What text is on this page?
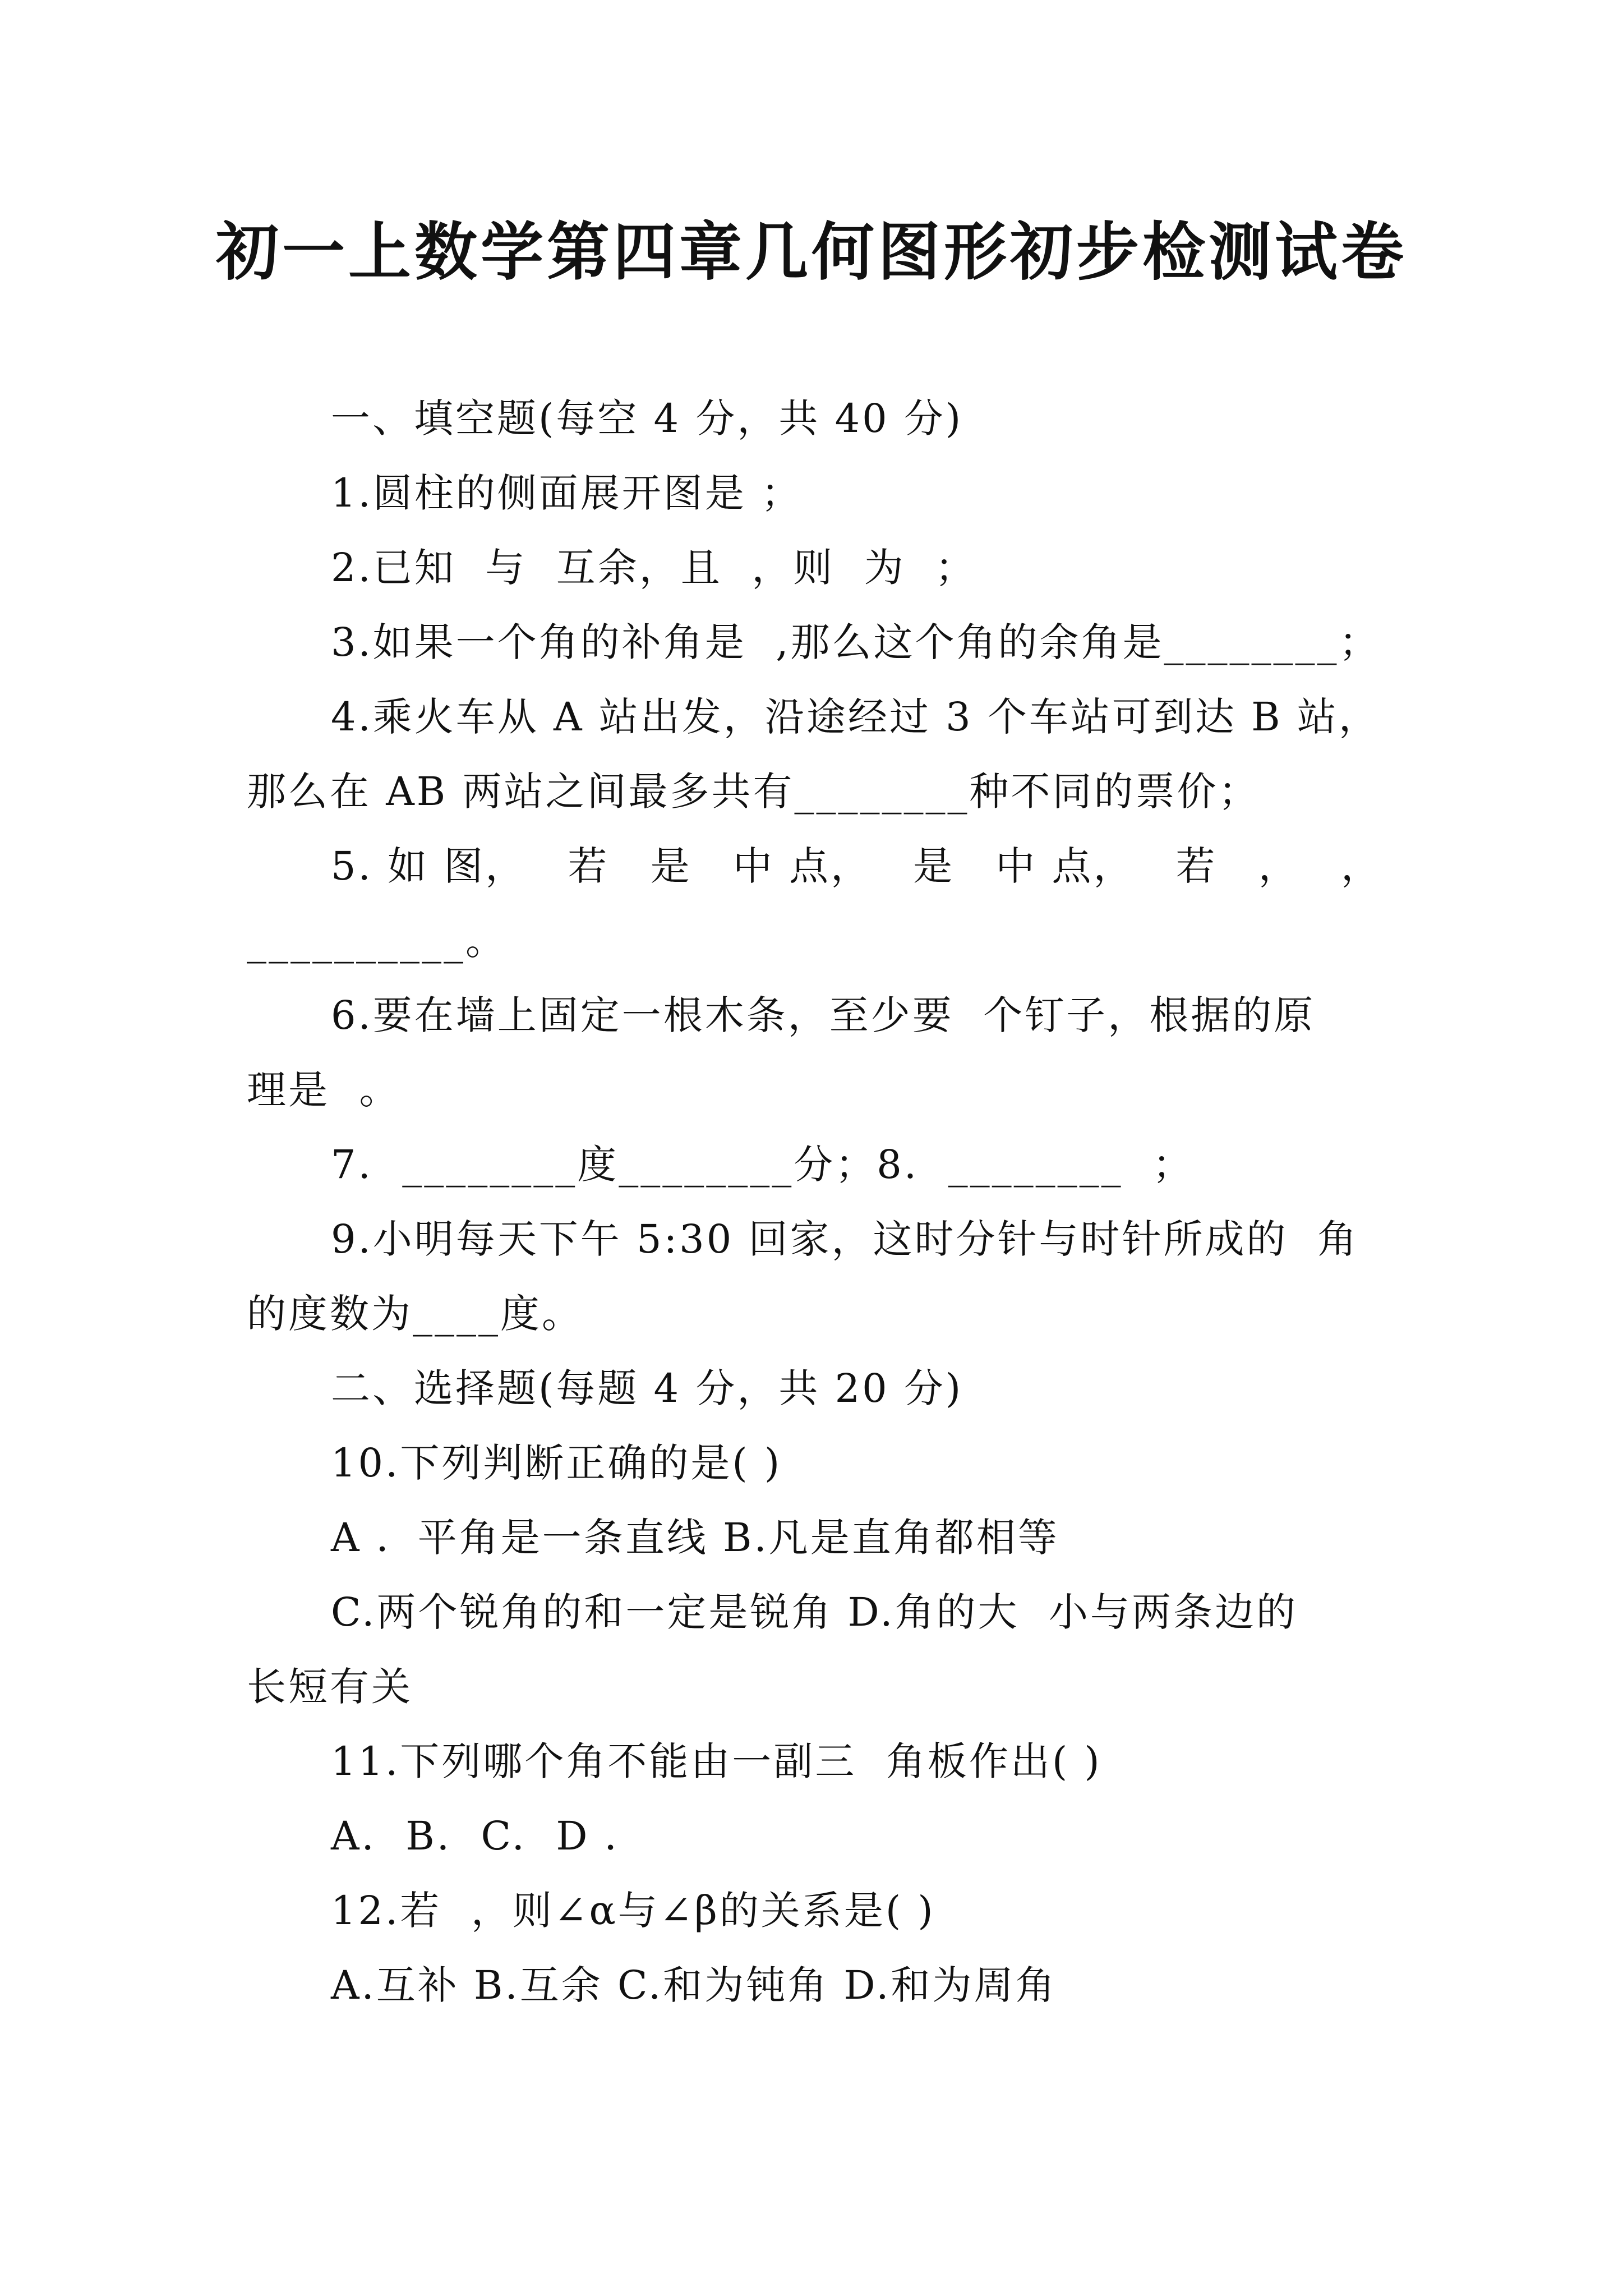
初一上数学第四章几何图形初步检测试卷
一、填空题(每空 4 分，共 40 分)
1.圆柱的侧面展开图是 ；
2.已知  与  互余，且  ，则  为  ；
3.如果一个角的补角是  ,那么这个角的余角是________；
4.乘火车从 A 站出发，沿途经过 3 个车站可到达 B 站，
那么在 AB 两站之间最多共有________种不同的票价；
5. 如 图， 若 是 中 点， 是 中 点， 若 ， ，
__________。
6.要在墙上固定一根木条，至少要  个钉子，根据的原
理是  。
7.  ________度________分；8.  ________  ；
9.小明每天下午 5:30 回家，这时分针与时针所成的  角
的度数为____度。
二、选择题(每题 4 分，共 20 分)
10.下列判断正确的是( )
A ．平角是一条直线 B.凡是直角都相等
C.两个锐角的和一定是锐角 D.角的大  小与两条边的
长短有关
11.下列哪个角不能由一副三  角板作出( )
A.  B.  C.  D ．
12.若  ，则∠α与∠β的关系是( )
A.互补 B.互余 C.和为钝角 D.和为周角
